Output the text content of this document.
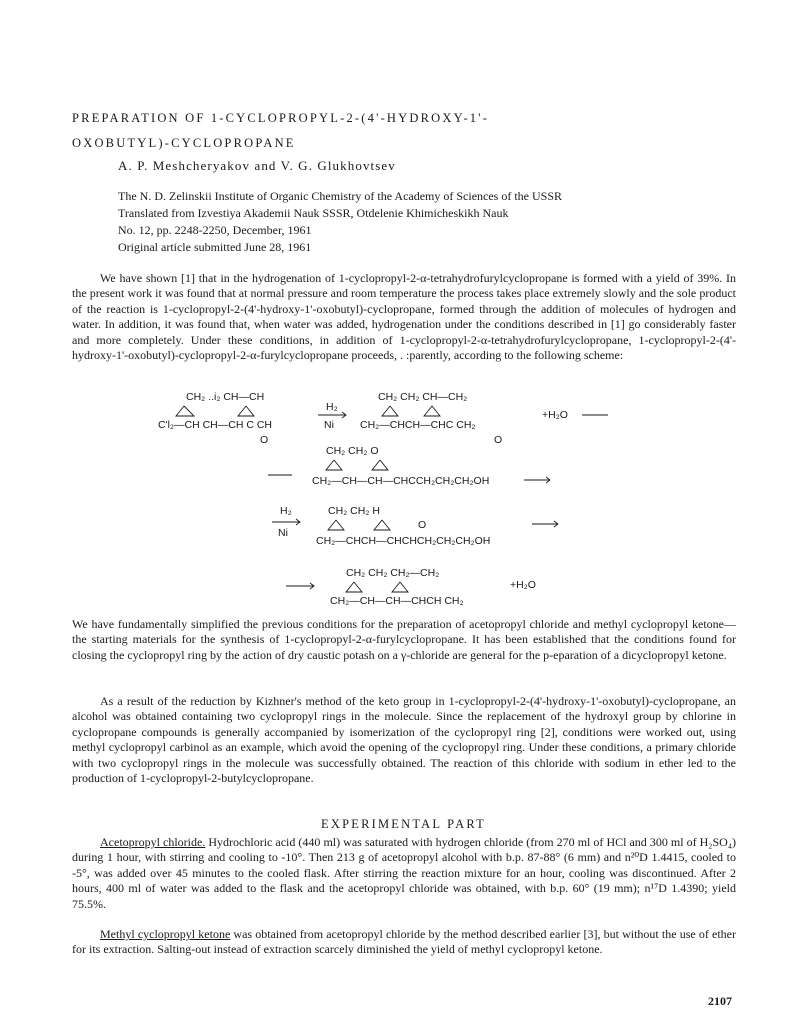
PREPARATION OF 1-CYCLOPROPYL-2-(4'-HYDROXY-1'-
OXOBUTYL)-CYCLOPROPANE
A. P. Meshcheryakov and V. G. Glukhovtsev
The N. D. Zelinskii Institute of Organic Chemistry of the Academy of Sciences of the USSR
Translated from Izvestiya Akademii Nauk SSSR, Otdelenie Khimicheskikh Nauk
No. 12, pp. 2248-2250, December, 1961
Original article submitted June 28, 1961
We have shown [1] that in the hydrogenation of 1-cyclopropyl-2-α-tetrahydrofurylcyclopropane is formed with a yield of 39%. In the present work it was found that at normal pressure and room temperature the process takes place extremely slowly and the sole product of the reaction is 1-cyclopropyl-2-(4'-hydroxy-1'-oxobutyl)-cyclopropane, formed through the addition of molecules of hydrogen and water. In addition, it was found that, when water was added, hydrogenation under the conditions described in [1] go considerably faster and more completely. Under these conditions, in addition of 1-cyclopropyl-2-α-tetrahydrofurylcyclopropane, 1-cyclopropyl-2-(4'-hydroxy-1'-oxobutyl)-cyclopropyl-2-α-furylcyclopropane proceeds, . :parently, according to the following scheme:
CH₂ ..i₂ CH—CH
C'l₂—CH CH—CH C CH
O
H₂
Ni
CH₂ CH₂ CH—CH₂
CH₂—CHCH—CHC CH₂
O
+H₂O
CH₂ CH₂ O
CH₂—CH—CH—CHCCH₂CH₂CH₂OH
H₂
Ni
CH₂ CH₂ H
O
CH₂—CHCH—CHCHCH₂CH₂CH₂OH
CH₂ CH₂ CH₂—CH₂
CH₂—CH—CH—CHCH CH₂
+H₂O
We have fundamentally simplified the previous conditions for the preparation of acetopropyl chloride and methyl cyclopropyl ketone—the starting materials for the synthesis of 1-cyclopropyl-2-α-furylcyclopropane. It has been established that the conditions found for closing the cyclopropyl ring by the action of dry caustic potash on a γ-chloride are general for the p-eparation of a dicyclopropyl ketone.
As a result of the reduction by Kizhner's method of the keto group in 1-cyclopropyl-2-(4'-hydroxy-1'-oxobutyl)-cyclopropane, an alcohol was obtained containing two cyclopropyl rings in the molecule. Since the replacement of the hydroxyl group by chlorine in cyclopropane compounds is generally accompanied by isomerization of the cyclopropyl ring [2], conditions were worked out, using methyl cyclopropyl carbinol as an example, which avoid the opening of the cyclopropyl ring. Under these conditions, a primary chloride with two cyclopropyl rings in the molecule was successfully obtained. The reaction of this chloride with sodium in ether led to the production of 1-cyclopropyl-2-butylcyclopropane.
EXPERIMENTAL PART
Acetopropyl chloride. Hydrochloric acid (440 ml) was saturated with hydrogen chloride (from 270 ml of HCl and 300 ml of H₂SO₄) during 1 hour, with stirring and cooling to -10°. Then 213 g of acetopropyl alcohol with b.p. 87-88° (6 mm) and n²⁰D 1.4415, cooled to -5°, was added over 45 minutes to the cooled flask. After stirring the reaction mixture for an hour, cooling was discontinued. After 2 hours, 400 ml of water was added to the flask and the acetopropyl chloride was obtained, with b.p. 60° (19 mm); n¹⁷D 1.4390; yield 75.5%.
Methyl cyclopropyl ketone was obtained from acetopropyl chloride by the method described earlier [3], but without the use of ether for its extraction. Salting-out instead of extraction scarcely diminished the yield of methyl cyclopropyl ketone.
2107
